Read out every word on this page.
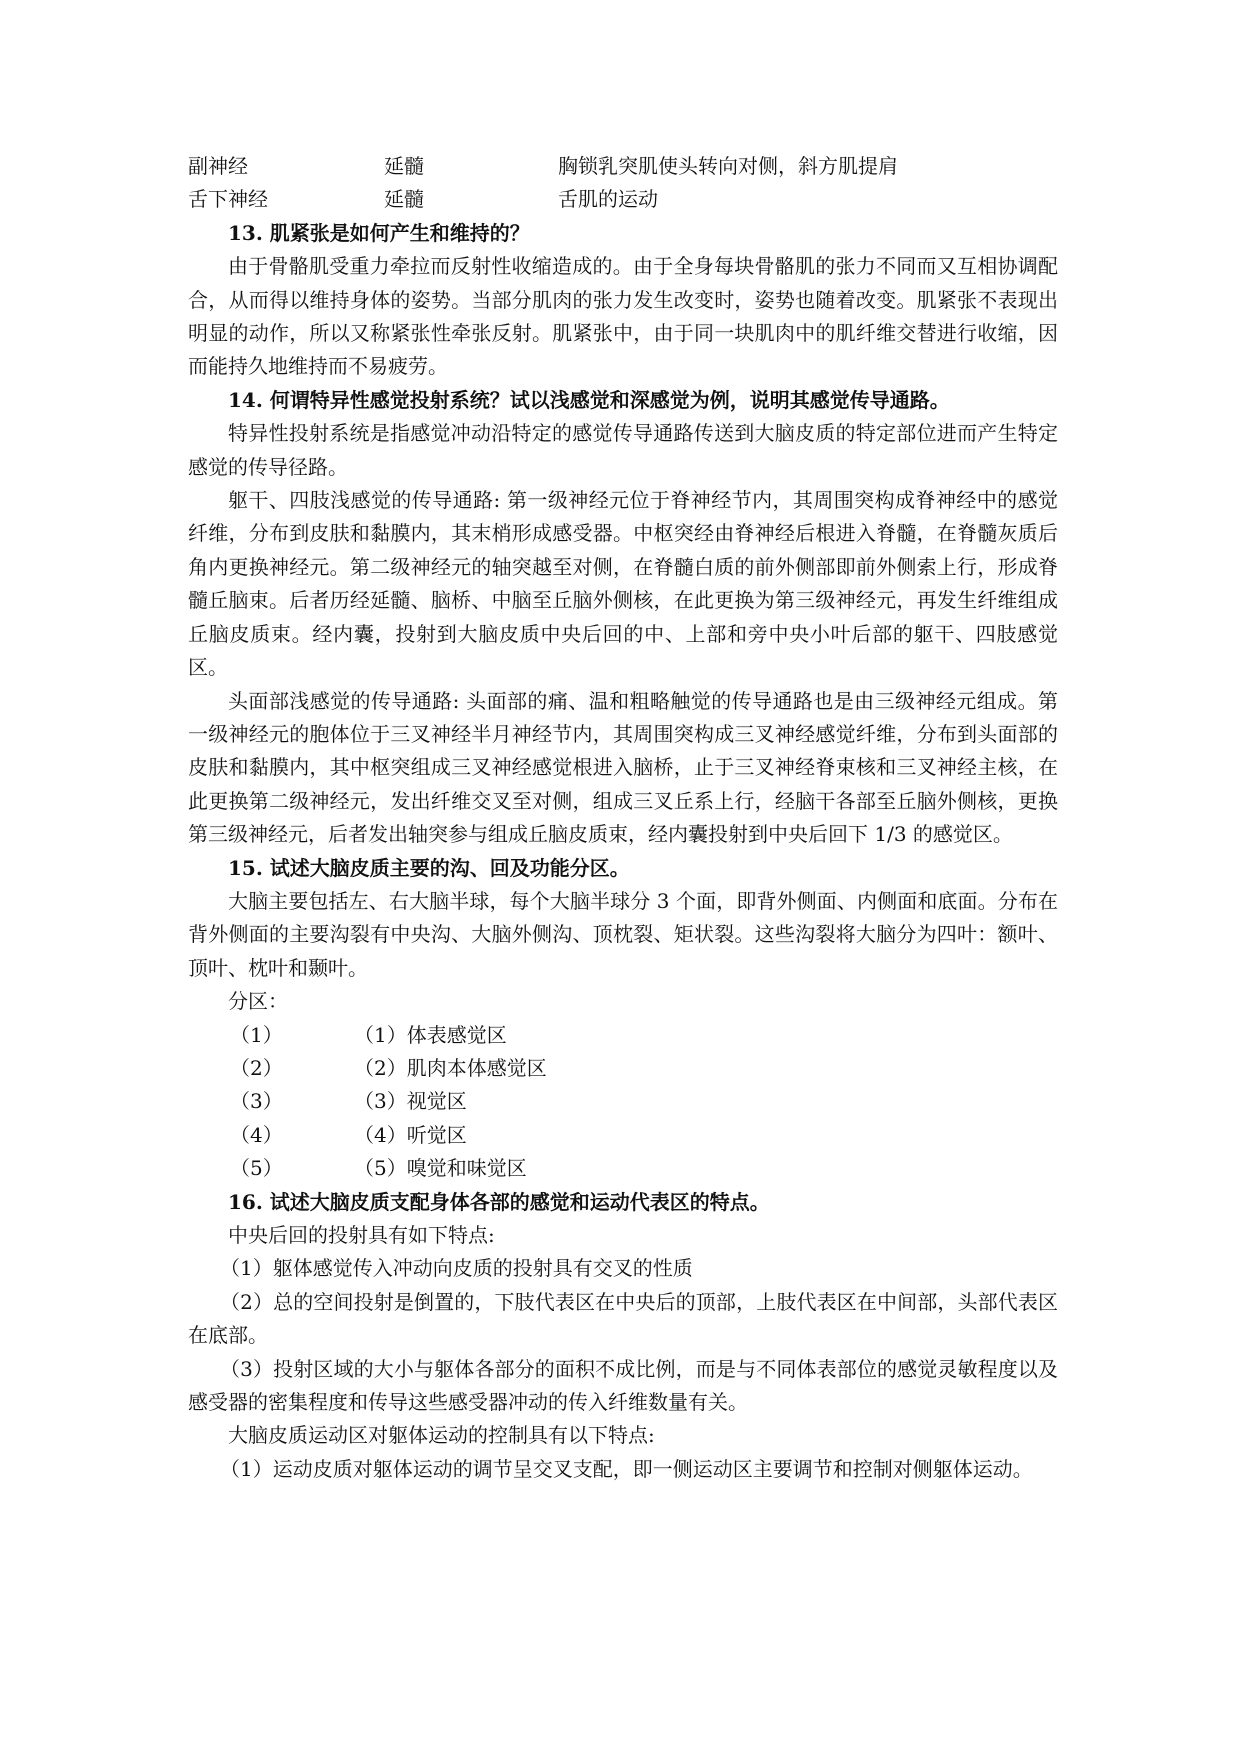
副神经	延髓	胸锁乳突肌使头转向对侧，斜方肌提肩
舌下神经	延髓	舌肌的运动

13. 肌紧张是如何产生和维持的？

由于骨骼肌受重力牵拉而反射性收缩造成的。由于全身每块骨骼肌的张力不同而又互相协调配合，从而得以维持身体的姿势。当部分肌肉的张力发生改变时，姿势也随着改变。肌紧张不表现出明显的动作，所以又称紧张性牵张反射。肌紧张中，由于同一块肌肉中的肌纤维交替进行收缩，因而能持久地维持而不易疲劳。

14. 何谓特异性感觉投射系统？试以浅感觉和深感觉为例，说明其感觉传导通路。

特异性投射系统是指感觉冲动沿特定的感觉传导通路传送到大脑皮质的特定部位进而产生特定感觉的传导径路。

躯干、四肢浅感觉的传导通路: 第一级神经元位于脊神经节内，其周围突构成脊神经中的感觉纤维，分布到皮肤和黏膜内，其末梢形成感受器。中枢突经由脊神经后根进入脊髓，在脊髓灰质后角内更换神经元。第二级神经元的轴突越至对侧，在脊髓白质的前外侧部即前外侧索上行，形成脊髓丘脑束。后者历经延髓、脑桥、中脑至丘脑外侧核，在此更换为第三级神经元，再发生纤维组成丘脑皮质束。经内囊，投射到大脑皮质中央后回的中、上部和旁中央小叶后部的躯干、四肢感觉区。

头面部浅感觉的传导通路: 头面部的痛、温和粗略触觉的传导通路也是由三级神经元组成。第一级神经元的胞体位于三叉神经半月神经节内，其周围突构成三叉神经感觉纤维，分布到头面部的皮肤和黏膜内，其中枢突组成三叉神经感觉根进入脑桥，止于三叉神经脊束核和三叉神经主核，在此更换第二级神经元，发出纤维交叉至对侧，组成三叉丘系上行，经脑干各部至丘脑外侧核，更换第三级神经元，后者发出轴突参与组成丘脑皮质束，经内囊投射到中央后回下 1/3 的感觉区。

15. 试述大脑皮质主要的沟、回及功能分区。

大脑主要包括左、右大脑半球，每个大脑半球分 3 个面，即背外侧面、内侧面和底面。分布在背外侧面的主要沟裂有中央沟、大脑外侧沟、顶枕裂、矩状裂。这些沟裂将大脑分为四叶：额叶、顶叶、枕叶和颞叶。

分区：

（1）	（1）体表感觉区
（2）	（2）肌肉本体感觉区
（3）	（3）视觉区
（4）	（4）听觉区
（5）	（5）嗅觉和味觉区

16. 试述大脑皮质支配身体各部的感觉和运动代表区的特点。

中央后回的投射具有如下特点:

（1）躯体感觉传入冲动向皮质的投射具有交叉的性质

（2）总的空间投射是倒置的，下肢代表区在中央后的顶部，上肢代表区在中间部，头部代表区在底部。

（3）投射区域的大小与躯体各部分的面积不成比例，而是与不同体表部位的感觉灵敏程度以及感受器的密集程度和传导这些感受器冲动的传入纤维数量有关。

大脑皮质运动区对躯体运动的控制具有以下特点:

（1）运动皮质对躯体运动的调节呈交叉支配，即一侧运动区主要调节和控制对侧躯体运动。
